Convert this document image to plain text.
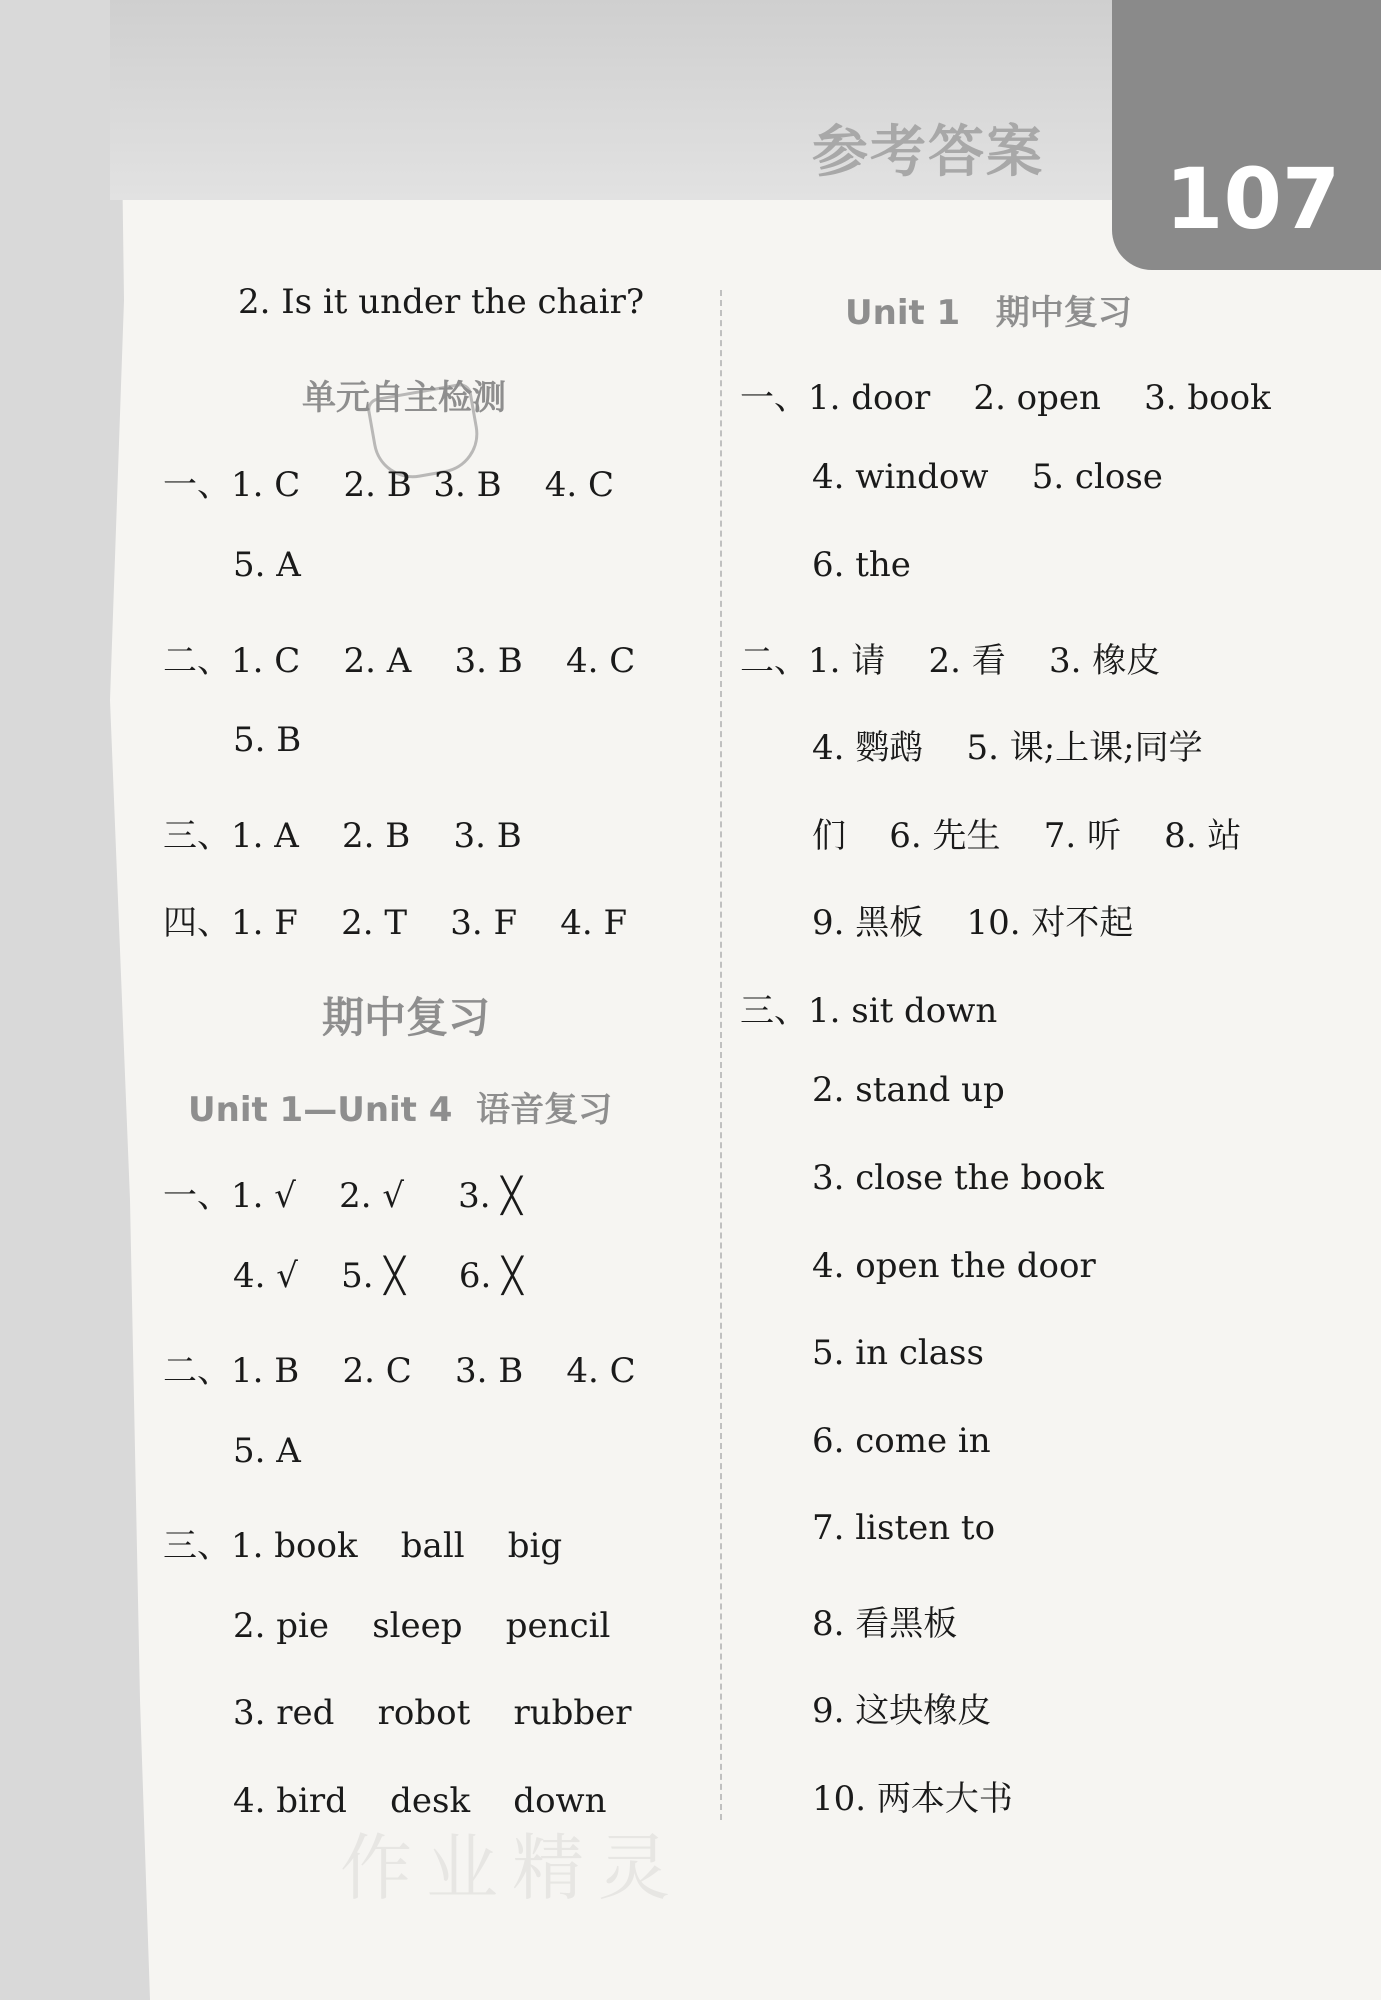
参考答案 107
2. Is it under the chair?
单元自主检测
一、1. C    2. B  3. B    4. C
5. A
二、1. C    2. A    3. B    4. C
5. B
三、1. A    2. B    3. B
四、1. F    2. T    3. F    4. F
期中复习
Unit 1—Unit 4  语音复习
一、1. √    2. √     3. ╳
4. √    5. ╳     6. ╳
二、1. B    2. C    3. B    4. C
5. A
三、1. book    ball    big
2. pie    sleep    pencil
3. red    robot    rubber
4. bird    desk    down
Unit 1   期中复习
一、1. door    2. open    3. book
4. window    5. close
6. the
二、1. 请    2. 看    3. 橡皮
4. 鹦鹉    5. 课;上课;同学
们    6. 先生    7. 听    8. 站
9. 黑板    10. 对不起
三、1. sit down
2. stand up
3. close the book
4. open the door
5. in class
6. come in
7. listen to
8. 看黑板
9. 这块橡皮
10. 两本大书
作业精灵
